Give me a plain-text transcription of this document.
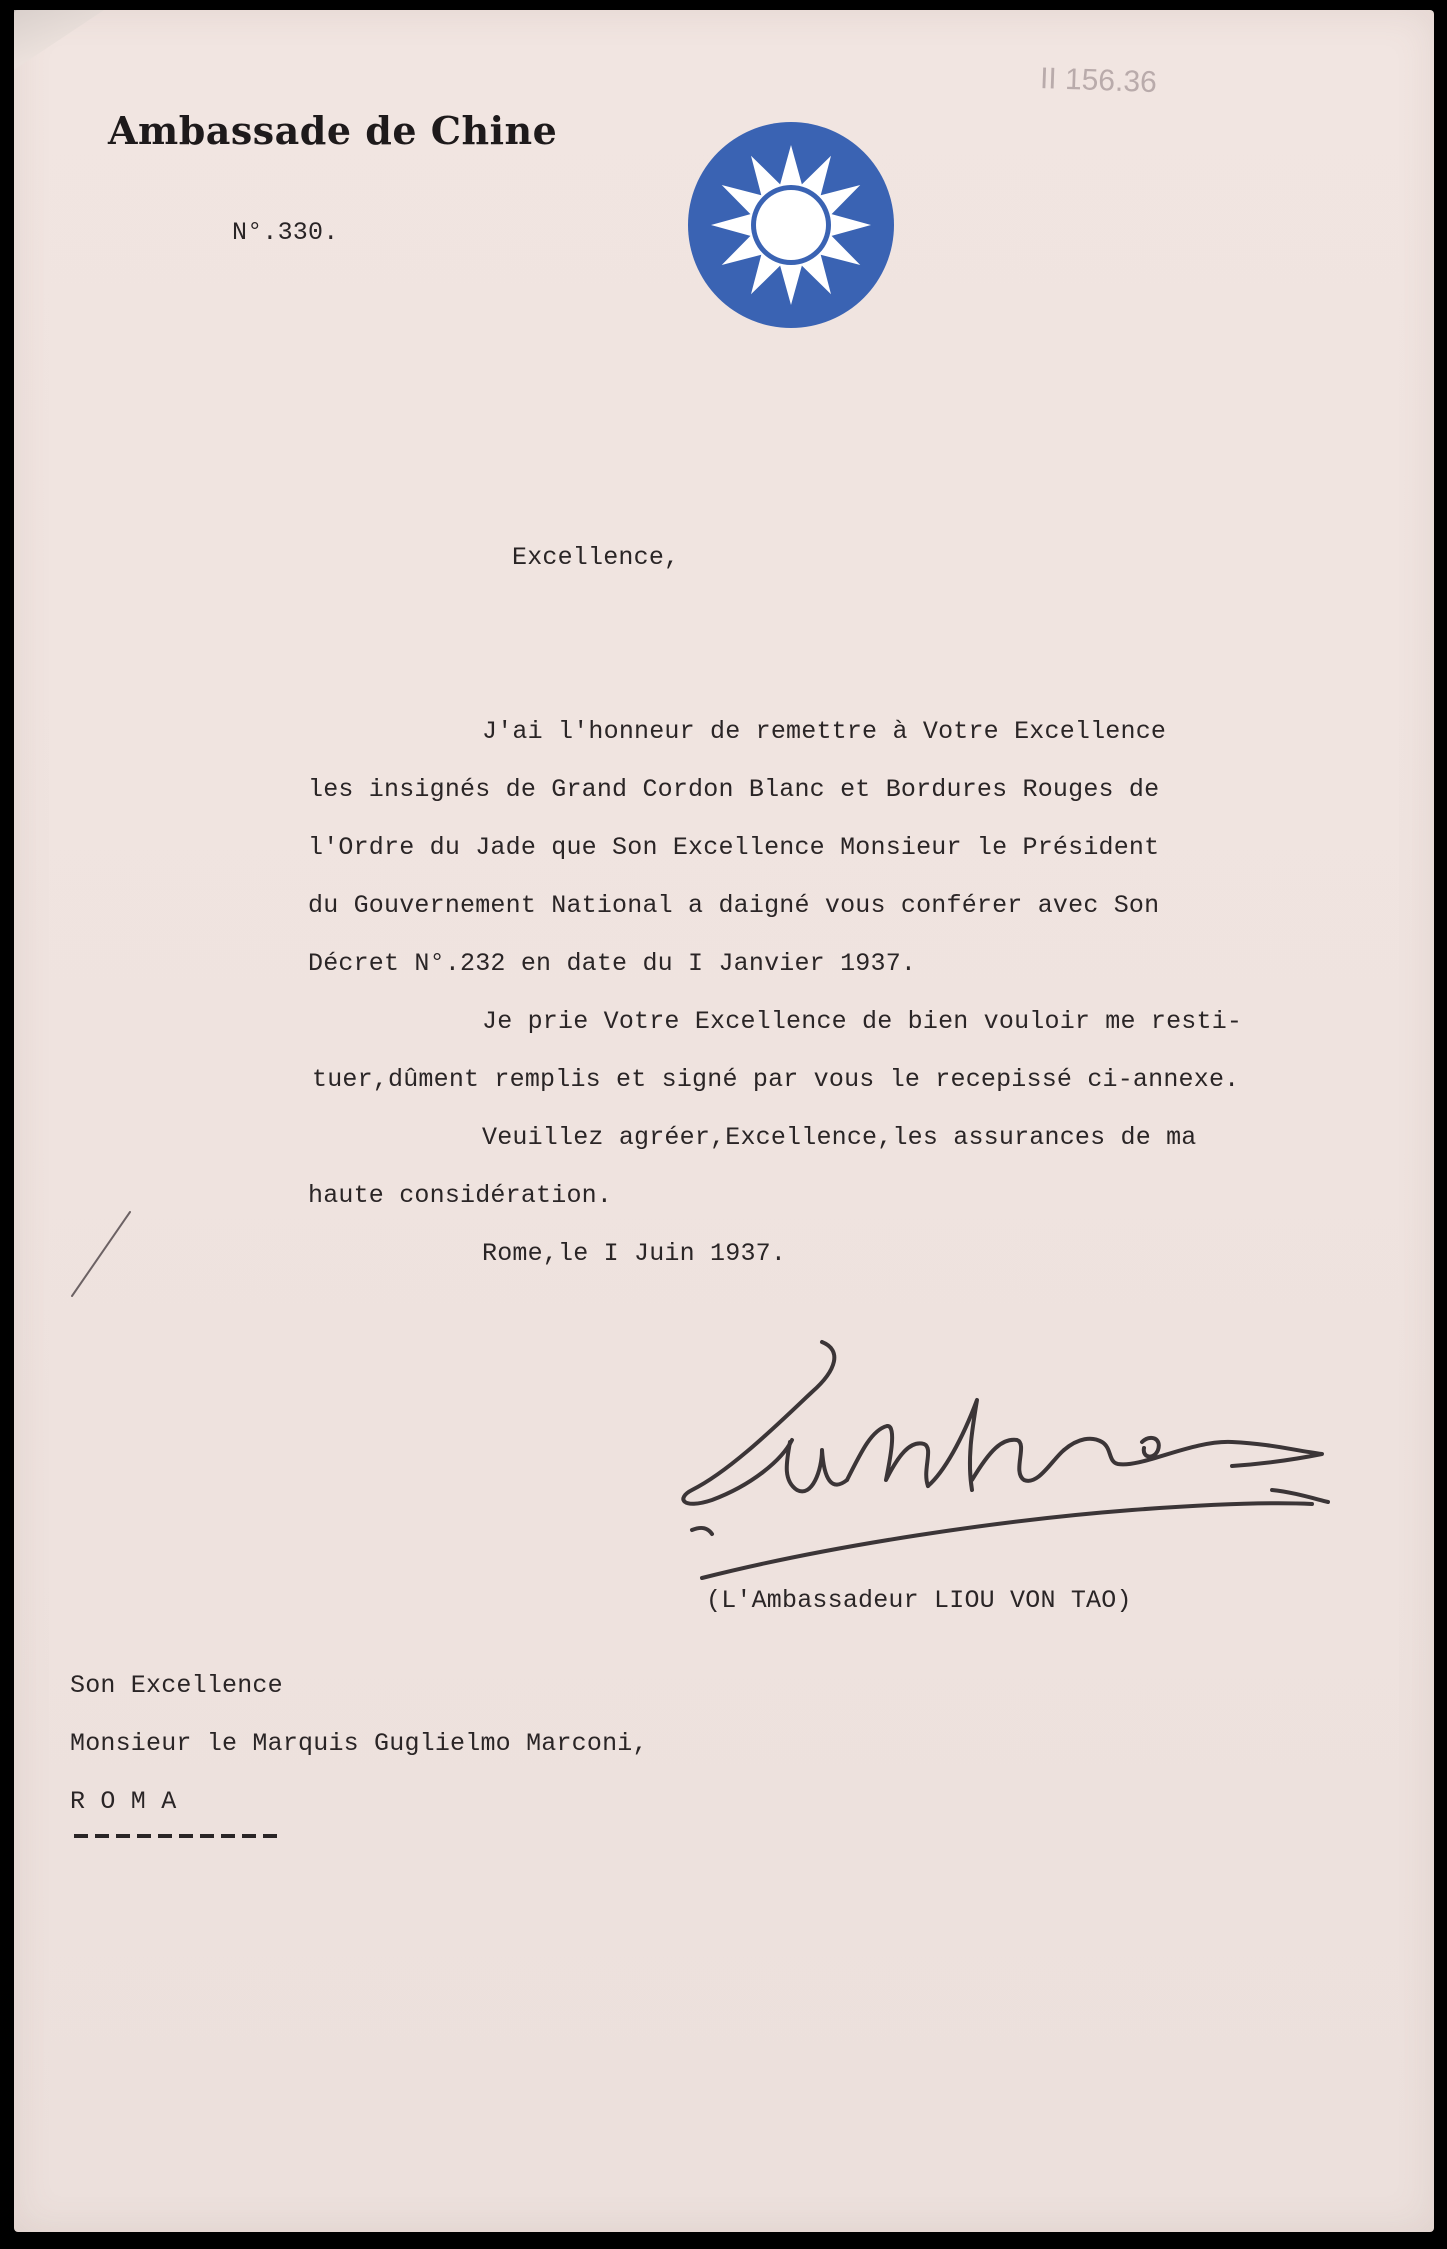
II 156.36
Ambassade de Chine
N°.330.
Excellence,
J'ai l'honneur de remettre à Votre Excellence
les insignés de Grand Cordon Blanc et Bordures Rouges de
l'Ordre du Jade que Son Excellence Monsieur le Président
du Gouvernement National a daigné vous conférer avec Son
Décret N°.232 en date du I Janvier 1937.
Je prie Votre Excellence de bien vouloir me resti-
tuer,dûment remplis et signé par vous le recepissé ci-annexe.
Veuillez agréer,Excellence,les assurances de ma
haute considération.
Rome,le I Juin 1937.
(L'Ambassadeur LIOU VON TAO)
Son Excellence
Monsieur le Marquis Guglielmo Marconi,
R O M A
